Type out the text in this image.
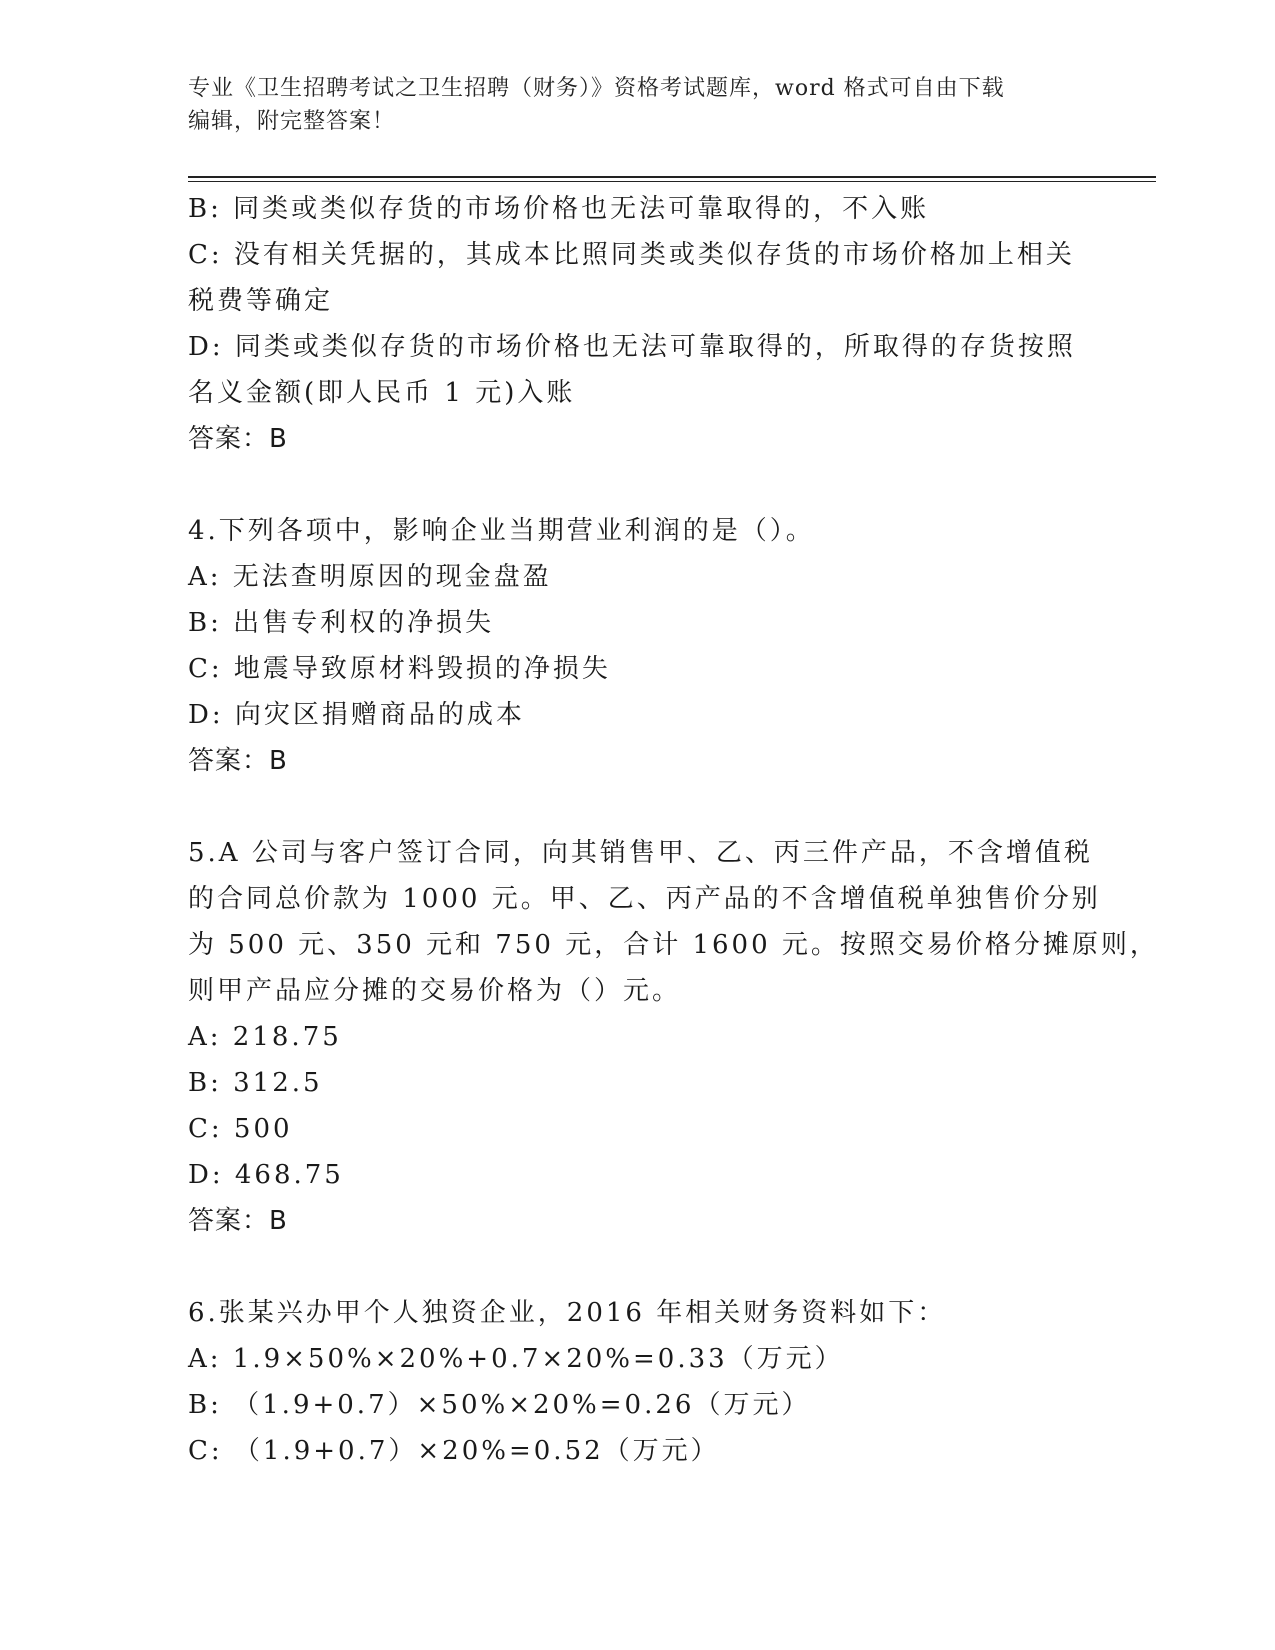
专业《卫生招聘考试之卫生招聘（财务）》资格考试题库，word 格式可自由下载
编辑，附完整答案！
B: 同类或类似存货的市场价格也无法可靠取得的，不入账
C: 没有相关凭据的，其成本比照同类或类似存货的市场价格加上相关
税费等确定
D: 同类或类似存货的市场价格也无法可靠取得的，所取得的存货按照
名义金额(即人民币 1 元)入账
答案：B
4.下列各项中，影响企业当期营业利润的是（）。
A: 无法查明原因的现金盘盈
B: 出售专利权的净损失
C: 地震导致原材料毁损的净损失
D: 向灾区捐赠商品的成本
答案：B
5.A 公司与客户签订合同，向其销售甲、乙、丙三件产品，不含增值税
的合同总价款为 1000 元。甲、乙、丙产品的不含增值税单独售价分别
为 500 元、350 元和 750 元，合计 1600 元。按照交易价格分摊原则，
则甲产品应分摊的交易价格为（）元。
A: 218.75
B: 312.5
C: 500
D: 468.75
答案：B
6.张某兴办甲个人独资企业，2016 年相关财务资料如下：
A: 1.9×50%×20%+0.7×20%=0.33（万元）
B: （1.9+0.7）×50%×20%=0.26（万元）
C: （1.9+0.7）×20%=0.52（万元）
